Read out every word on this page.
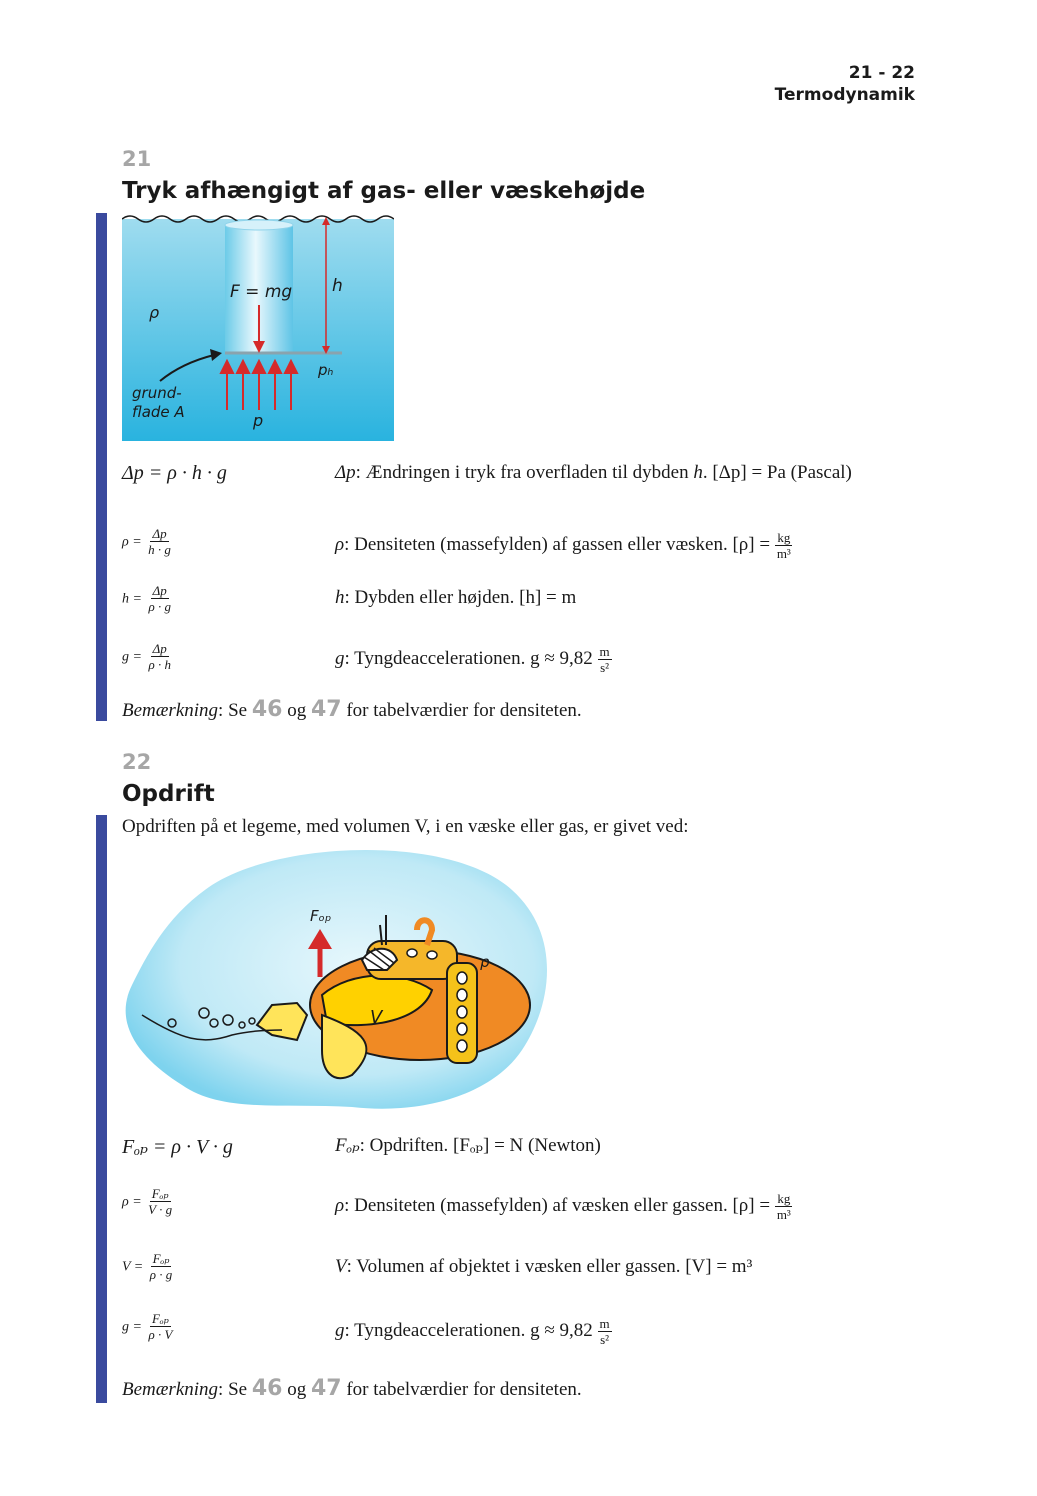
21 - 22
Termodynamik
21
Tryk afhængigt af gas- eller væskehøjde
F = mg h
ρ
pₕ
p
grund-
flade A
Δp = ρ · h · g	Δp: Ændringen i tryk fra overfladen til dybden h. [Δp] = Pa (Pascal)
$\rho = \frac{\Delta p}{h \cdot g}$	ρ: Densiteten (massefylden) af gassen eller væsken. $[\rho] = \frac{kg}{\text{m³}}$
$h = \frac{\Delta p}{\rho \cdot g}$	h: Dybden eller højden. [h] = m
$g = \frac{\Delta p}{\rho \cdot h}$	g: Tyngdeaccelerationen. $g \approx 9,82 \frac{m}{\text{s²}}$
Bemærkning: Se 46 og 47 for tabelværdier for densiteten.
22
Opdrift
Opdriften på et legeme, med volumen V, i en væske eller gas, er givet ved:
Fₒₚ
ρ
V
Fₒₚ = ρ · V · g	Fₒₚ: Opdriften. [Fₒₚ] = N (Newton)
$\rho = \frac{\text{Fₒₚ}}{V \cdot g}$	ρ: Densiteten (massefylden) af væsken eller gassen. $[\rho] = \frac{kg}{\text{m³}}$
$V = \frac{\text{Fₒₚ}}{\rho \cdot g}$	V: Volumen af objektet i væsken eller gassen. [V] = m³
$g = \frac{\text{Fₒₚ}}{\rho \cdot V}$	g: Tyngdeaccelerationen. $g \approx 9,82 \frac{m}{\text{s²}}$
Bemærkning: Se 46 og 47 for tabelværdier for densiteten.
